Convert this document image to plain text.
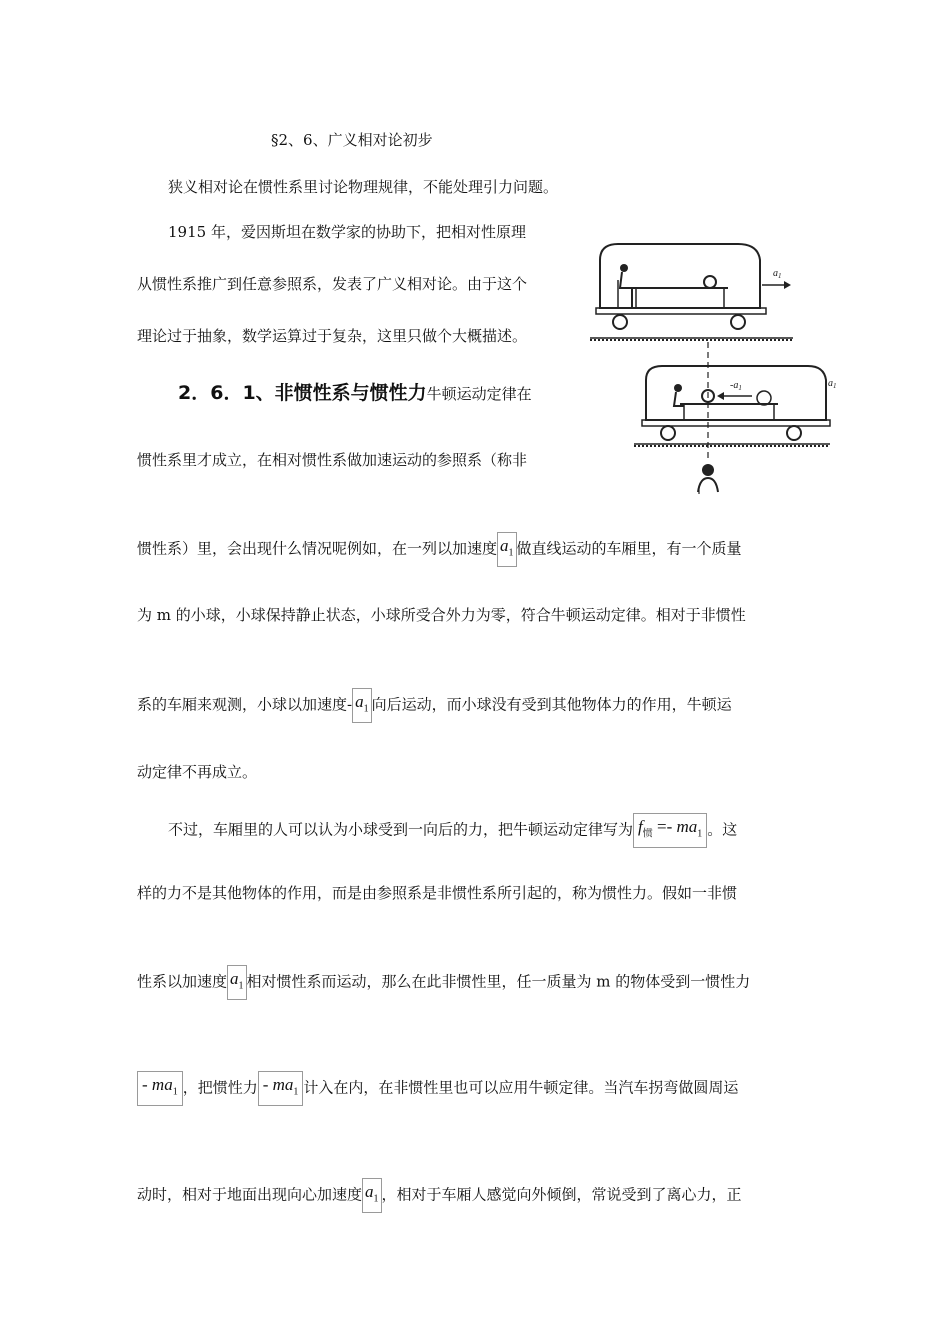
§2、6、广义相对论初步
狭义相对论在惯性系里讨论物理规律，不能处理引力问题。
1915 年，爱因斯坦在数学家的协助下，把相对性原理
从惯性系推广到任意参照系，发表了广义相对论。由于这个
理论过于抽象，数学运算过于复杂，这里只做个大概描述。
2．6．1、非惯性系与惯性力牛顿运动定律在
惯性系里才成立，在相对惯性系做加速运动的参照系（称非
惯性系）里，会出现什么情况呢例如，在一列以加速度 $a_1$ 做直线运动的车厢里，有一个质量
为 m 的小球，小球保持静止状态，小球所受合外力为零，符合牛顿运动定律。相对于非惯性
系的车厢来观测，小球以加速度- $a_1$ 向后运动，而小球没有受到其他物体力的作用，牛顿运
动定律不再成立。
不过，车厢里的人可以认为小球受到一向后的力，把牛顿运动定律写为 $f_惯 =- ma_1$ 。这
样的力不是其他物体的作用，而是由参照系是非惯性系所引起的，称为惯性力。假如一非惯
性系以加速度 $a_1$ 相对惯性系而运动，那么在此非惯性里，任一质量为 m 的物体受到一惯性力
- $ma_1$ ，把惯性力 - $ma_1$ 计入在内，在非惯性里也可以应用牛顿定律。当汽车拐弯做圆周运
动时，相对于地面出现向心加速度 $a_1$ ，相对于车厢人感觉向外倾倒，常说受到了离心力，正
$a_1$
$-a_1$	$a_1$
